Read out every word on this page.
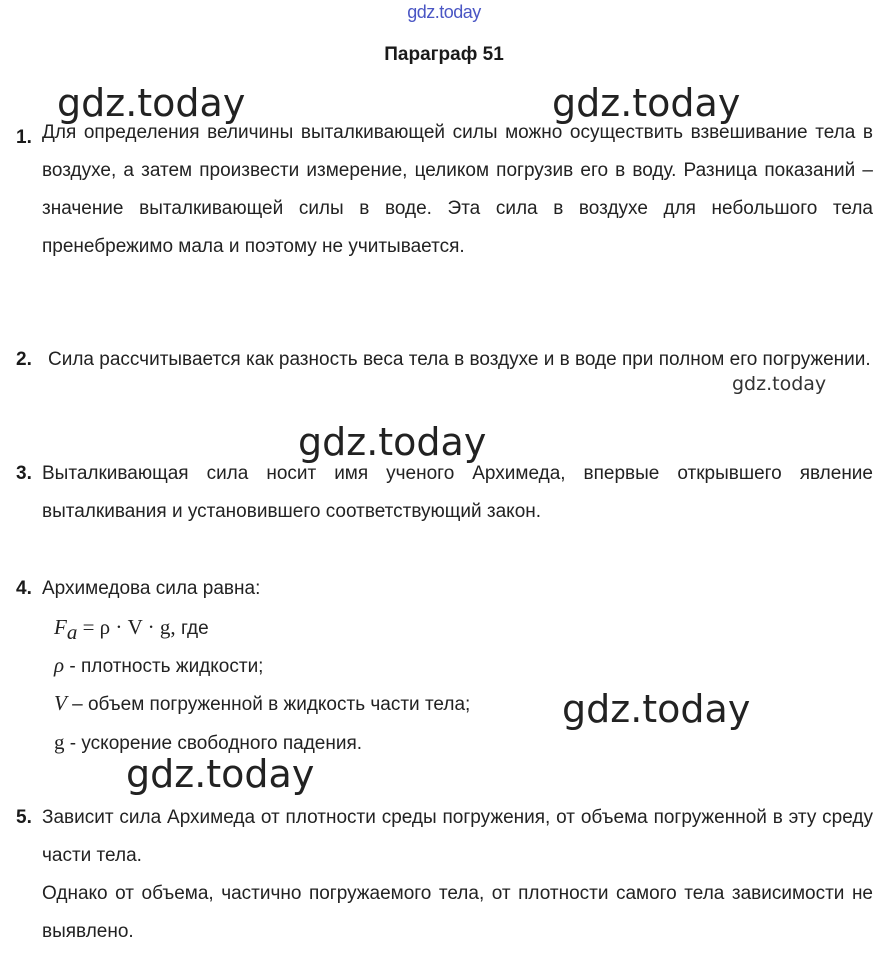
gdz.today
Параграф 51
1. Для определения величины выталкивающей силы можно осуществить взвешивание тела в воздухе, а затем произвести измерение, целиком погрузив его в воду. Разница показаний – значение выталкивающей силы в воде. Эта сила в воздухе для небольшого тела пренебрежимо мала и поэтому не учитывается.
2. Сила рассчитывается как разность веса тела в воздухе и в воде при полном его погружении.
3. Выталкивающая сила носит имя ученого Архимеда, впервые открывшего явление выталкивания и установившего соответствующий закон.
4. Архимедова сила равна:
$F_a = \rho \cdot V \cdot g$, где
ρ - плотность жидкости;
V – объем погруженной в жидкость части тела;
g - ускорение свободного падения.
5. Зависит сила Архимеда от плотности среды погружения, от объема погруженной в эту среду части тела.
Однако от объема, частично погружаемого тела, от плотности самого тела зависимости не выявлено.
gdz.today	gdz.today
gdz.today
gdz.today
gdz.today
gdz.today
